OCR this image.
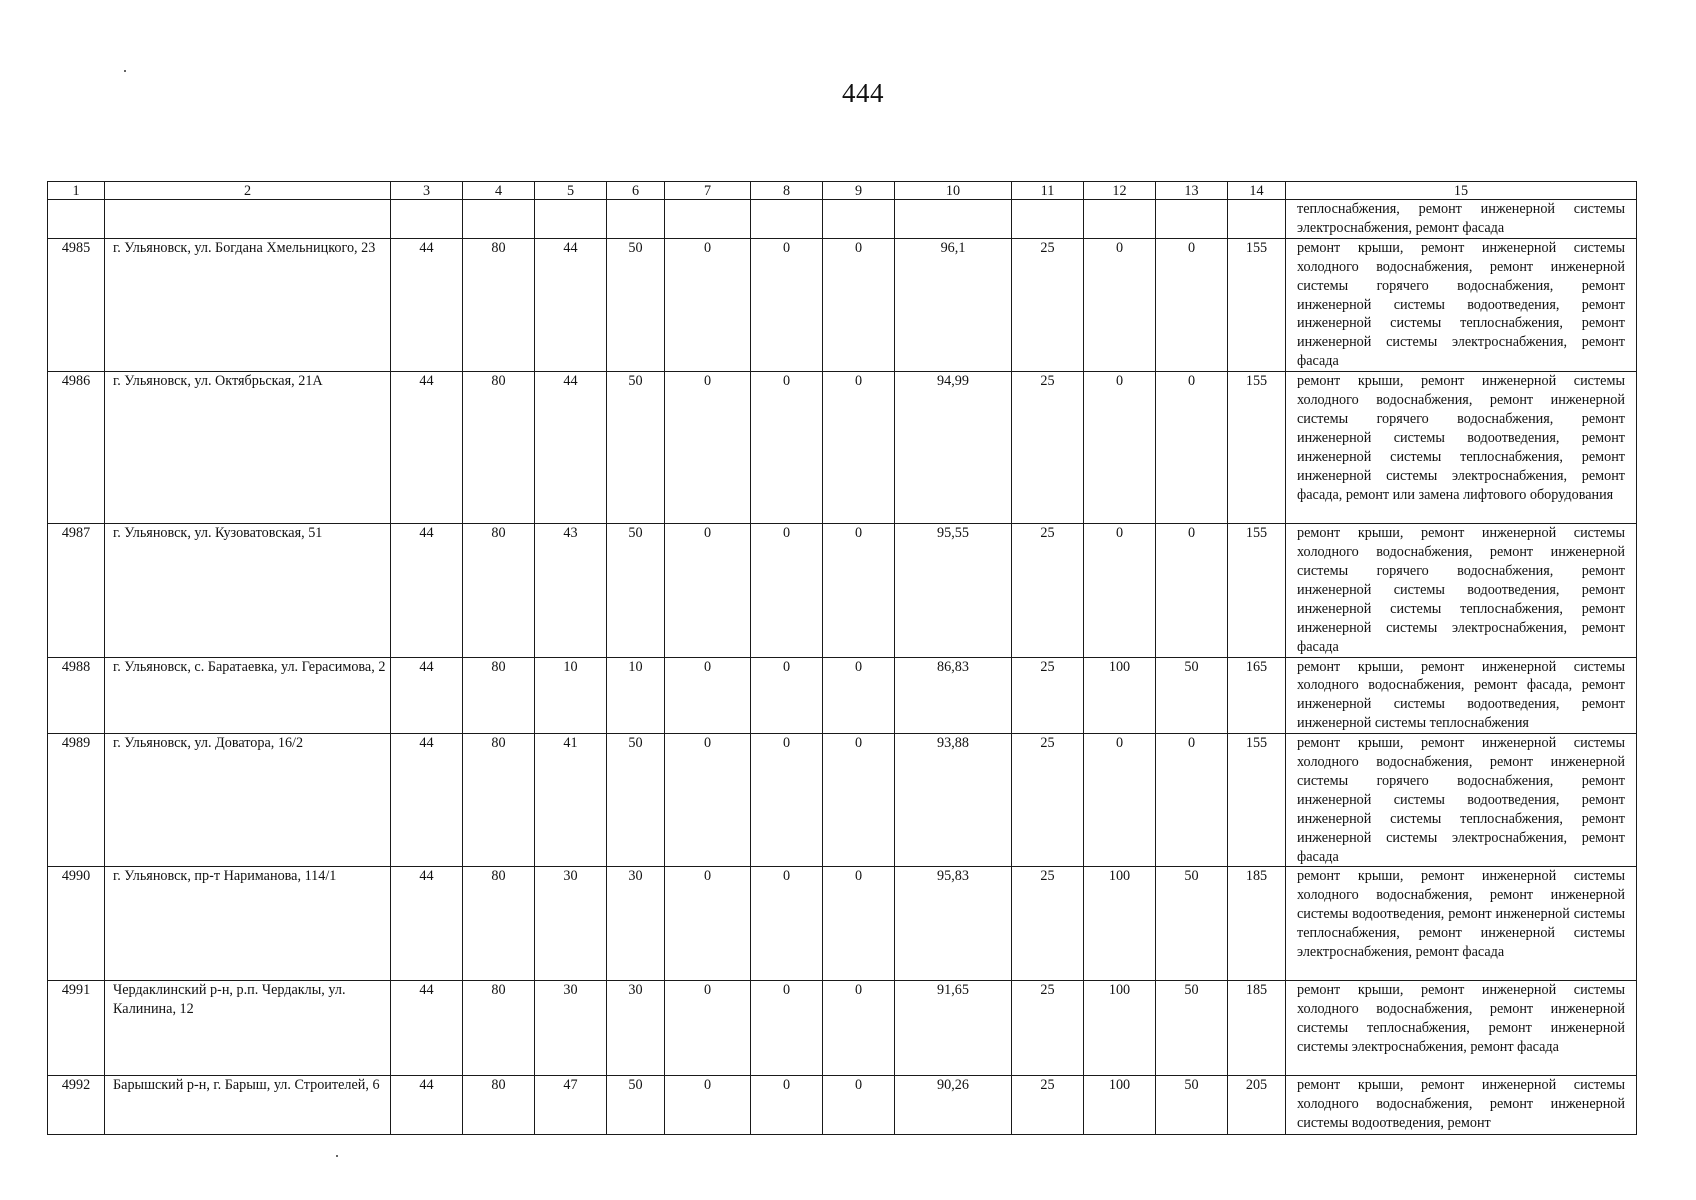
444
1	2	3	4	5	6	7	8	9	10	11	12	13	14	15
														теплоснабжения, ремонт инженерной системы электроснабжения, ремонт фасада
4985	г. Ульяновск, ул. Богдана Хмельницкого, 23	44	80	44	50	0	0	0	96,1	25	0	0	155	ремонт крыши, ремонт инженерной системы холодного водоснабжения, ремонт инженерной системы горячего водоснабжения, ремонт инженерной системы водоотведения, ремонт инженерной системы теплоснабжения, ремонт инженерной системы электроснабжения, ремонт фасада
4986	г. Ульяновск, ул. Октябрьская, 21А	44	80	44	50	0	0	0	94,99	25	0	0	155	ремонт крыши, ремонт инженерной системы холодного водоснабжения, ремонт инженерной системы горячего водоснабжения, ремонт инженерной системы водоотведения, ремонт инженерной системы теплоснабжения, ремонт инженерной системы электроснабжения, ремонт фасада, ремонт или замена лифтового оборудования
4987	г. Ульяновск, ул. Кузоватовская, 51	44	80	43	50	0	0	0	95,55	25	0	0	155	ремонт крыши, ремонт инженерной системы холодного водоснабжения, ремонт инженерной системы горячего водоснабжения, ремонт инженерной системы водоотведения, ремонт инженерной системы теплоснабжения, ремонт инженерной системы электроснабжения, ремонт фасада
4988	г. Ульяновск, с. Баратаевка, ул. Герасимова, 2	44	80	10	10	0	0	0	86,83	25	100	50	165	ремонт крыши, ремонт инженерной системы холодного водоснабжения, ремонт фасада, ремонт инженерной системы водоотведения, ремонт инженерной системы теплоснабжения
4989	г. Ульяновск, ул. Доватора, 16/2	44	80	41	50	0	0	0	93,88	25	0	0	155	ремонт крыши, ремонт инженерной системы холодного водоснабжения, ремонт инженерной системы горячего водоснабжения, ремонт инженерной системы водоотведения, ремонт инженерной системы теплоснабжения, ремонт инженерной системы электроснабжения, ремонт фасада
4990	г. Ульяновск, пр-т Нариманова, 114/1	44	80	30	30	0	0	0	95,83	25	100	50	185	ремонт крыши, ремонт инженерной системы холодного водоснабжения, ремонт инженерной системы водоотведения, ремонт инженерной системы теплоснабжения, ремонт инженерной системы электроснабжения, ремонт фасада
4991	Чердаклинский р-н, р.п. Чердаклы, ул. Калинина, 12	44	80	30	30	0	0	0	91,65	25	100	50	185	ремонт крыши, ремонт инженерной системы холодного водоснабжения, ремонт инженерной системы теплоснабжения, ремонт инженерной системы электроснабжения, ремонт фасада
4992	Барышский р-н, г. Барыш, ул. Строителей, 6	44	80	47	50	0	0	0	90,26	25	100	50	205	ремонт крыши, ремонт инженерной системы холодного водоснабжения, ремонт инженерной системы водоотведения, ремонт
